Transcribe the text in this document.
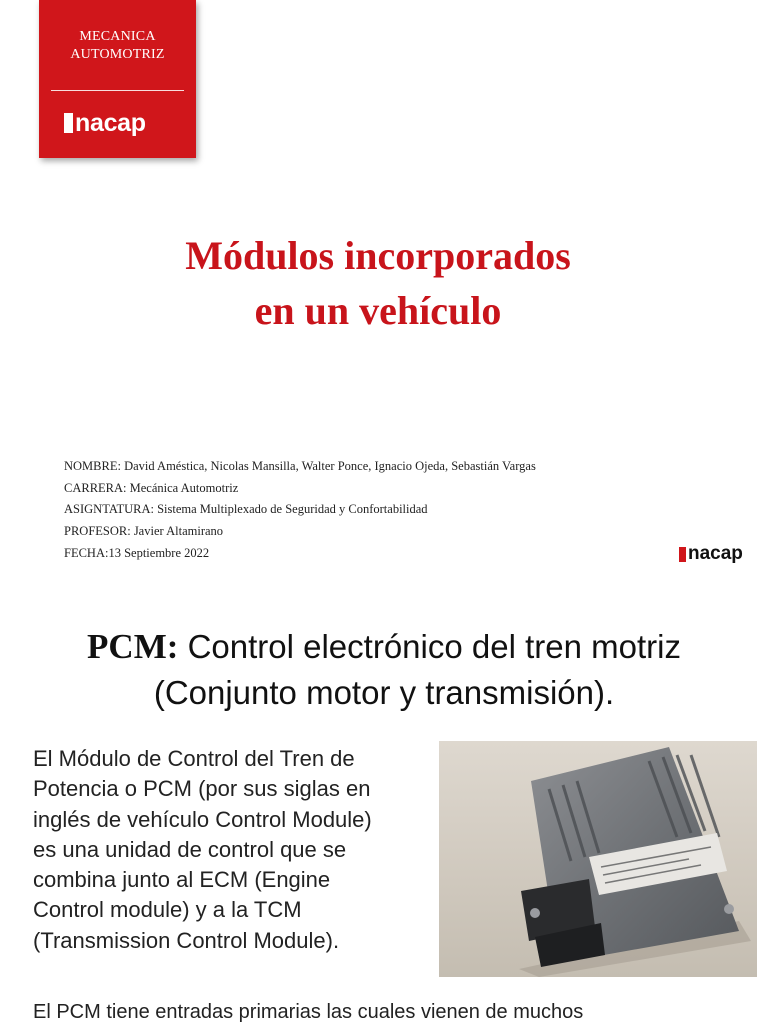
MECANICA
AUTOMOTRIZ
nacap
Módulos incorporados
en un vehículo
NOMBRE: David Améstica, Nicolas Mansilla, Walter Ponce, Ignacio Ojeda, Sebastián Vargas
CARRERA: Mecánica Automotriz
ASIGNTATURA: Sistema Multiplexado de Seguridad y Confortabilidad
PROFESOR: Javier Altamirano
FECHA:13 Septiembre 2022	nacap
PCM: Control electrónico del tren motriz
(Conjunto motor y transmisión).
El Módulo de Control del Tren de
Potencia o PCM (por sus siglas en
inglés de vehículo Control Module)
es una unidad de control que se
combina junto al ECM (Engine
Control module) y a la TCM
(Transmission Control Module).
El PCM tiene entradas primarias las cuales vienen de muchos
